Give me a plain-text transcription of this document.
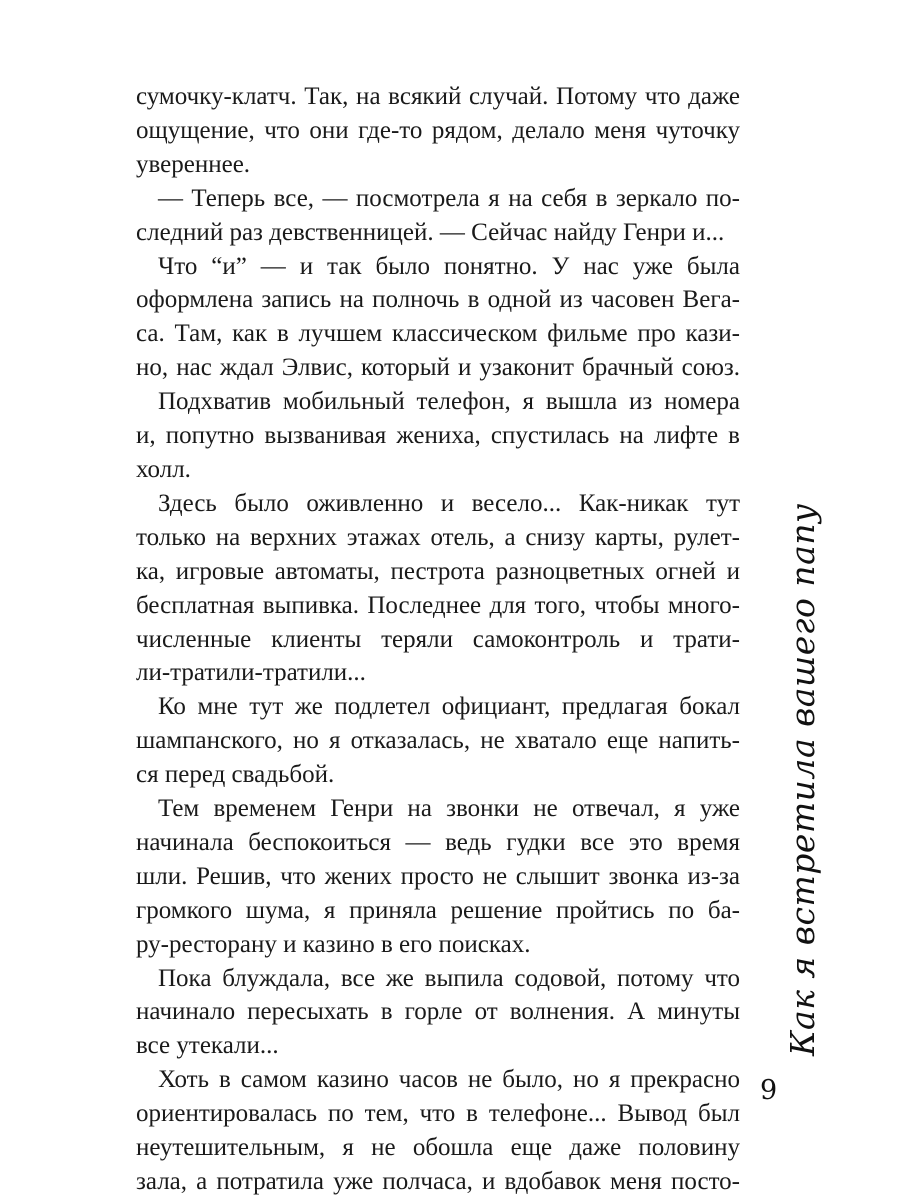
сумочку-клатч. Так, на всякий случай. Потому что даже
ощущение, что они где-то рядом, делало меня чуточку
увереннее.

— Теперь все, — посмотрела я на себя в зеркало по-
следний раз девственницей. — Сейчас найду Генри и...

Что “и” — и так было понятно. У нас уже была
оформлена запись на полночь в одной из часовен Вега-
са. Там, как в лучшем классическом фильме про кази-
но, нас ждал Элвис, который и узаконит брачный союз.

Подхватив мобильный телефон, я вышла из номера
и, попутно вызванивая жениха, спустилась на лифте в
холл.

Здесь было оживленно и весело... Как-никак тут
только на верхних этажах отель, а снизу карты, рулет-
ка, игровые автоматы, пестрота разноцветных огней и
бесплатная выпивка. Последнее для того, чтобы много-
численные клиенты теряли самоконтроль и трати-
ли-тратили-тратили...

Ко мне тут же подлетел официант, предлагая бокал
шампанского, но я отказалась, не хватало еще напить-
ся перед свадьбой.

Тем временем Генри на звонки не отвечал, я уже
начинала беспокоиться — ведь гудки все это время
шли. Решив, что жених просто не слышит звонка из-за
громкого шума, я приняла решение пройтись по ба-
ру-ресторану и казино в его поисках.

Пока блуждала, все же выпила содовой, потому что
начинало пересыхать в горле от волнения. А минуты
все утекали...

Хоть в самом казино часов не было, но я прекрасно
ориентировалась по тем, что в телефоне... Вывод был
неутешительным, я не обошла еще даже половину
зала, а потратила уже полчаса, и вдобавок меня посто-

Как я встретила вашего папу
9
